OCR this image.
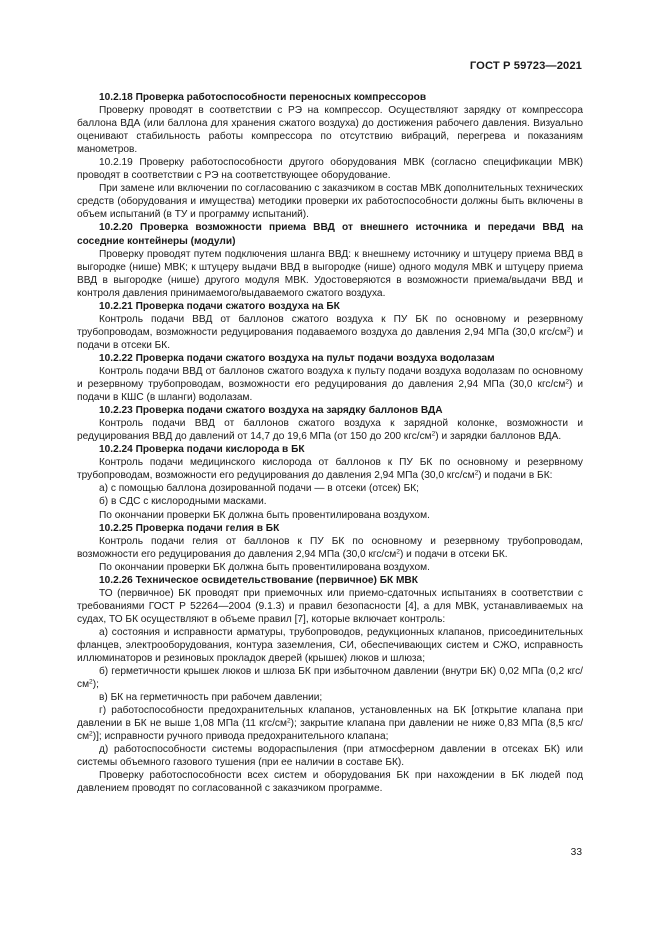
ГОСТ Р 59723—2021

10.2.18 Проверка работоспособности переносных компрессоров

Проверку проводят в соответствии с РЭ на компрессор. Осуществляют зарядку от компрессора баллона ВДА (или баллона для хранения сжатого воздуха) до достижения рабочего давления. Визуально оценивают стабильность работы компрессора по отсутствию вибраций, перегрева и показаниям манометров.

10.2.19 Проверку работоспособности другого оборудования МВК (согласно спецификации МВК) проводят в соответствии с РЭ на соответствующее оборудование.

При замене или включении по согласованию с заказчиком в состав МВК дополнительных технических средств (оборудования и имущества) методики проверки их работоспособности должны быть включены в объем испытаний (в ТУ и программу испытаний).

10.2.20 Проверка возможности приема ВВД от внешнего источника и передачи ВВД на соседние контейнеры (модули)

Проверку проводят путем подключения шланга ВВД: к внешнему источнику и штуцеру приема ВВД в выгородке (нише) МВК; к штуцеру выдачи ВВД в выгородке (нише) одного модуля МВК и штуцеру приема ВВД в выгородке (нише) другого модуля МВК. Удостоверяются в возможности приема/выдачи ВВД и контроля давления принимаемого/выдаваемого сжатого воздуха.

10.2.21 Проверка подачи сжатого воздуха на БК

Контроль подачи ВВД от баллонов сжатого воздуха к ПУ БК по основному и резервному трубопроводам, возможности редуцирования подаваемого воздуха до давления 2,94 МПа (30,0 кгс/$см^2$) и подачи в отсеки БК.

10.2.22 Проверка подачи сжатого воздуха на пульт подачи воздуха водолазам

Контроль подачи ВВД от баллонов сжатого воздуха к пульту подачи воздуха водолазам по основному и резервному трубопроводам, возможности его редуцирования до давления 2,94 МПа (30,0 кгс/$см^2$) и подачи в КШС (в шланги) водолазам.

10.2.23 Проверка подачи сжатого воздуха на зарядку баллонов ВДА

Контроль подачи ВВД от баллонов сжатого воздуха к зарядной колонке, возможности и редуцирования ВВД до давлений от 14,7 до 19,6 МПа (от 150 до 200 кгс/$см^2$) и зарядки баллонов ВДА.

10.2.24 Проверка подачи кислорода в БК

Контроль подачи медицинского кислорода от баллонов к ПУ БК по основному и резервному трубопроводам, возможности его редуцирования до давления 2,94 МПа (30,0 кгс/$см^2$) и подачи в БК:

а) с помощью баллона дозированной подачи — в отсеки (отсек) БК;

б) в СДС с кислородными масками.

По окончании проверки БК должна быть провентилирована воздухом.

10.2.25 Проверка подачи гелия в БК

Контроль подачи гелия от баллонов к ПУ БК по основному и резервному трубопроводам, возможности его редуцирования до давления 2,94 МПа (30,0 кгс/$см^2$) и подачи в отсеки БК.

По окончании проверки БК должна быть провентилирована воздухом.

10.2.26 Техническое освидетельствование (первичное) БК МВК

ТО (первичное) БК проводят при приемочных или приемо-сдаточных испытаниях в соответствии с требованиями ГОСТ Р 52264—2004 (9.1.3) и правил безопасности [4], а для МВК, устанавливаемых на судах, ТО БК осуществляют в объеме правил [7], которые включает контроль:

а) состояния и исправности арматуры, трубопроводов, редукционных клапанов, присоединительных фланцев, электрооборудования, контура заземления, СИ, обеспечивающих систем и СЖО, исправность иллюминаторов и резиновых прокладок дверей (крышек) люков и шлюза;

б) герметичности крышек люков и шлюза БК при избыточном давлении (внутри БК) 0,02 МПа (0,2 кгс/$см^2$);

в) БК на герметичность при рабочем давлении;

г) работоспособности предохранительных клапанов, установленных на БК [открытие клапана при давлении в БК не выше 1,08 МПа (11 кгс/$см^2$); закрытие клапана при давлении не ниже 0,83 МПа (8,5 кгс/$см^2$)]; исправности ручного привода предохранительного клапана;

д) работоспособности системы водораспыления (при атмосферном давлении в отсеках БК) или системы объемного газового тушения (при ее наличии в составе БК).

Проверку работоспособности всех систем и оборудования БК при нахождении в БК людей под давлением проводят по согласованной с заказчиком программе.

33
